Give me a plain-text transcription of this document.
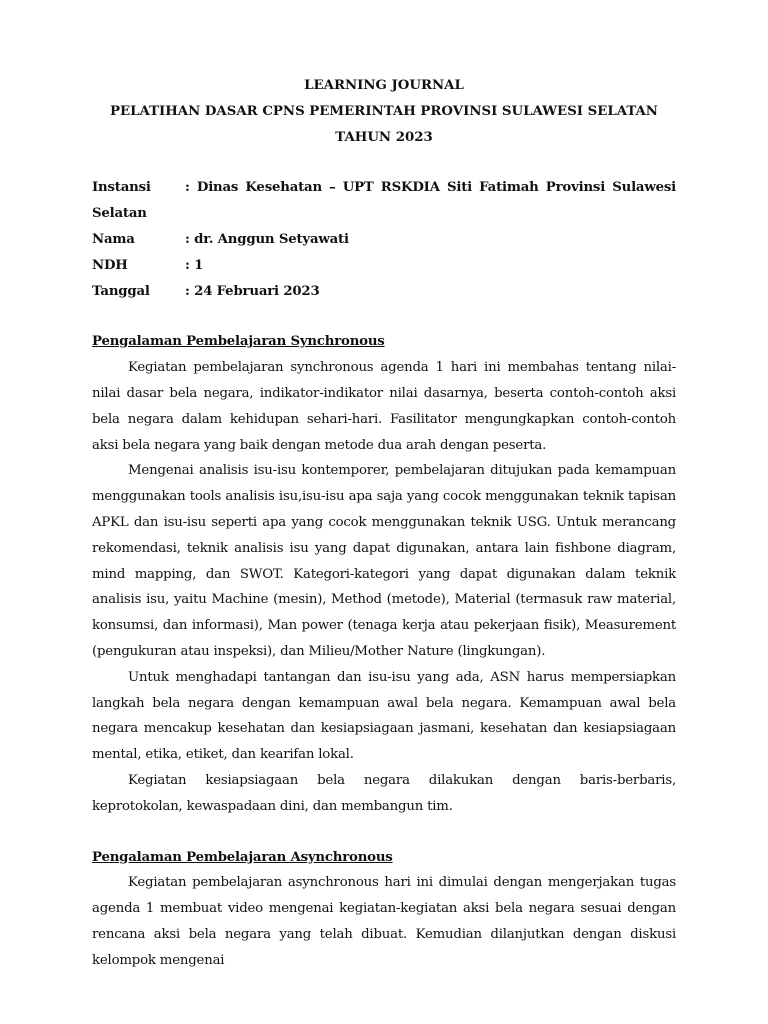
LEARNING JOURNAL
PELATIHAN DASAR CPNS PEMERINTAH PROVINSI SULAWESI SELATAN
TAHUN 2023
Instansi	: Dinas Kesehatan – UPT RSKDIA Siti Fatimah Provinsi Sulawesi
Selatan
Nama	: dr. Anggun Setyawati
NDH	: 1
Tanggal	: 24 Februari 2023
Pengalaman Pembelajaran Synchronous

Kegiatan pembelajaran synchronous agenda 1 hari ini membahas tentang nilai-nilai dasar bela negara, indikator-indikator nilai dasarnya, beserta contoh-contoh aksi bela negara dalam kehidupan sehari-hari. Fasilitator mengungkapkan contoh-contoh aksi bela negara yang baik dengan metode dua arah dengan peserta.

Mengenai analisis isu-isu kontemporer, pembelajaran ditujukan pada kemampuan menggunakan tools analisis isu,isu-isu apa saja yang cocok menggunakan teknik tapisan APKL dan isu-isu seperti apa yang cocok menggunakan teknik USG. Untuk merancang rekomendasi, teknik analisis isu yang dapat digunakan, antara lain fishbone diagram, mind mapping, dan SWOT. Kategori-kategori yang dapat digunakan dalam teknik analisis isu, yaitu Machine (mesin), Method (metode), Material (termasuk raw material, konsumsi, dan informasi), Man power (tenaga kerja atau pekerjaan fisik), Measurement (pengukuran atau inspeksi), dan Milieu/Mother Nature (lingkungan).

Untuk menghadapi tantangan dan isu-isu yang ada, ASN harus mempersiapkan langkah bela negara dengan kemampuan awal bela negara. Kemampuan awal bela negara mencakup kesehatan dan kesiapsiagaan jasmani, kesehatan dan kesiapsiagaan mental, etika, etiket, dan kearifan lokal.

Kegiatan kesiapsiagaan bela negara dilakukan dengan baris-berbaris, keprotokolan, kewaspadaan dini, dan membangun tim.

Pengalaman Pembelajaran Asynchronous

Kegiatan pembelajaran asynchronous hari ini dimulai dengan mengerjakan tugas agenda 1 membuat video mengenai kegiatan-kegiatan aksi bela negara sesuai dengan rencana aksi bela negara yang telah dibuat. Kemudian dilanjutkan dengan diskusi kelompok mengenai
